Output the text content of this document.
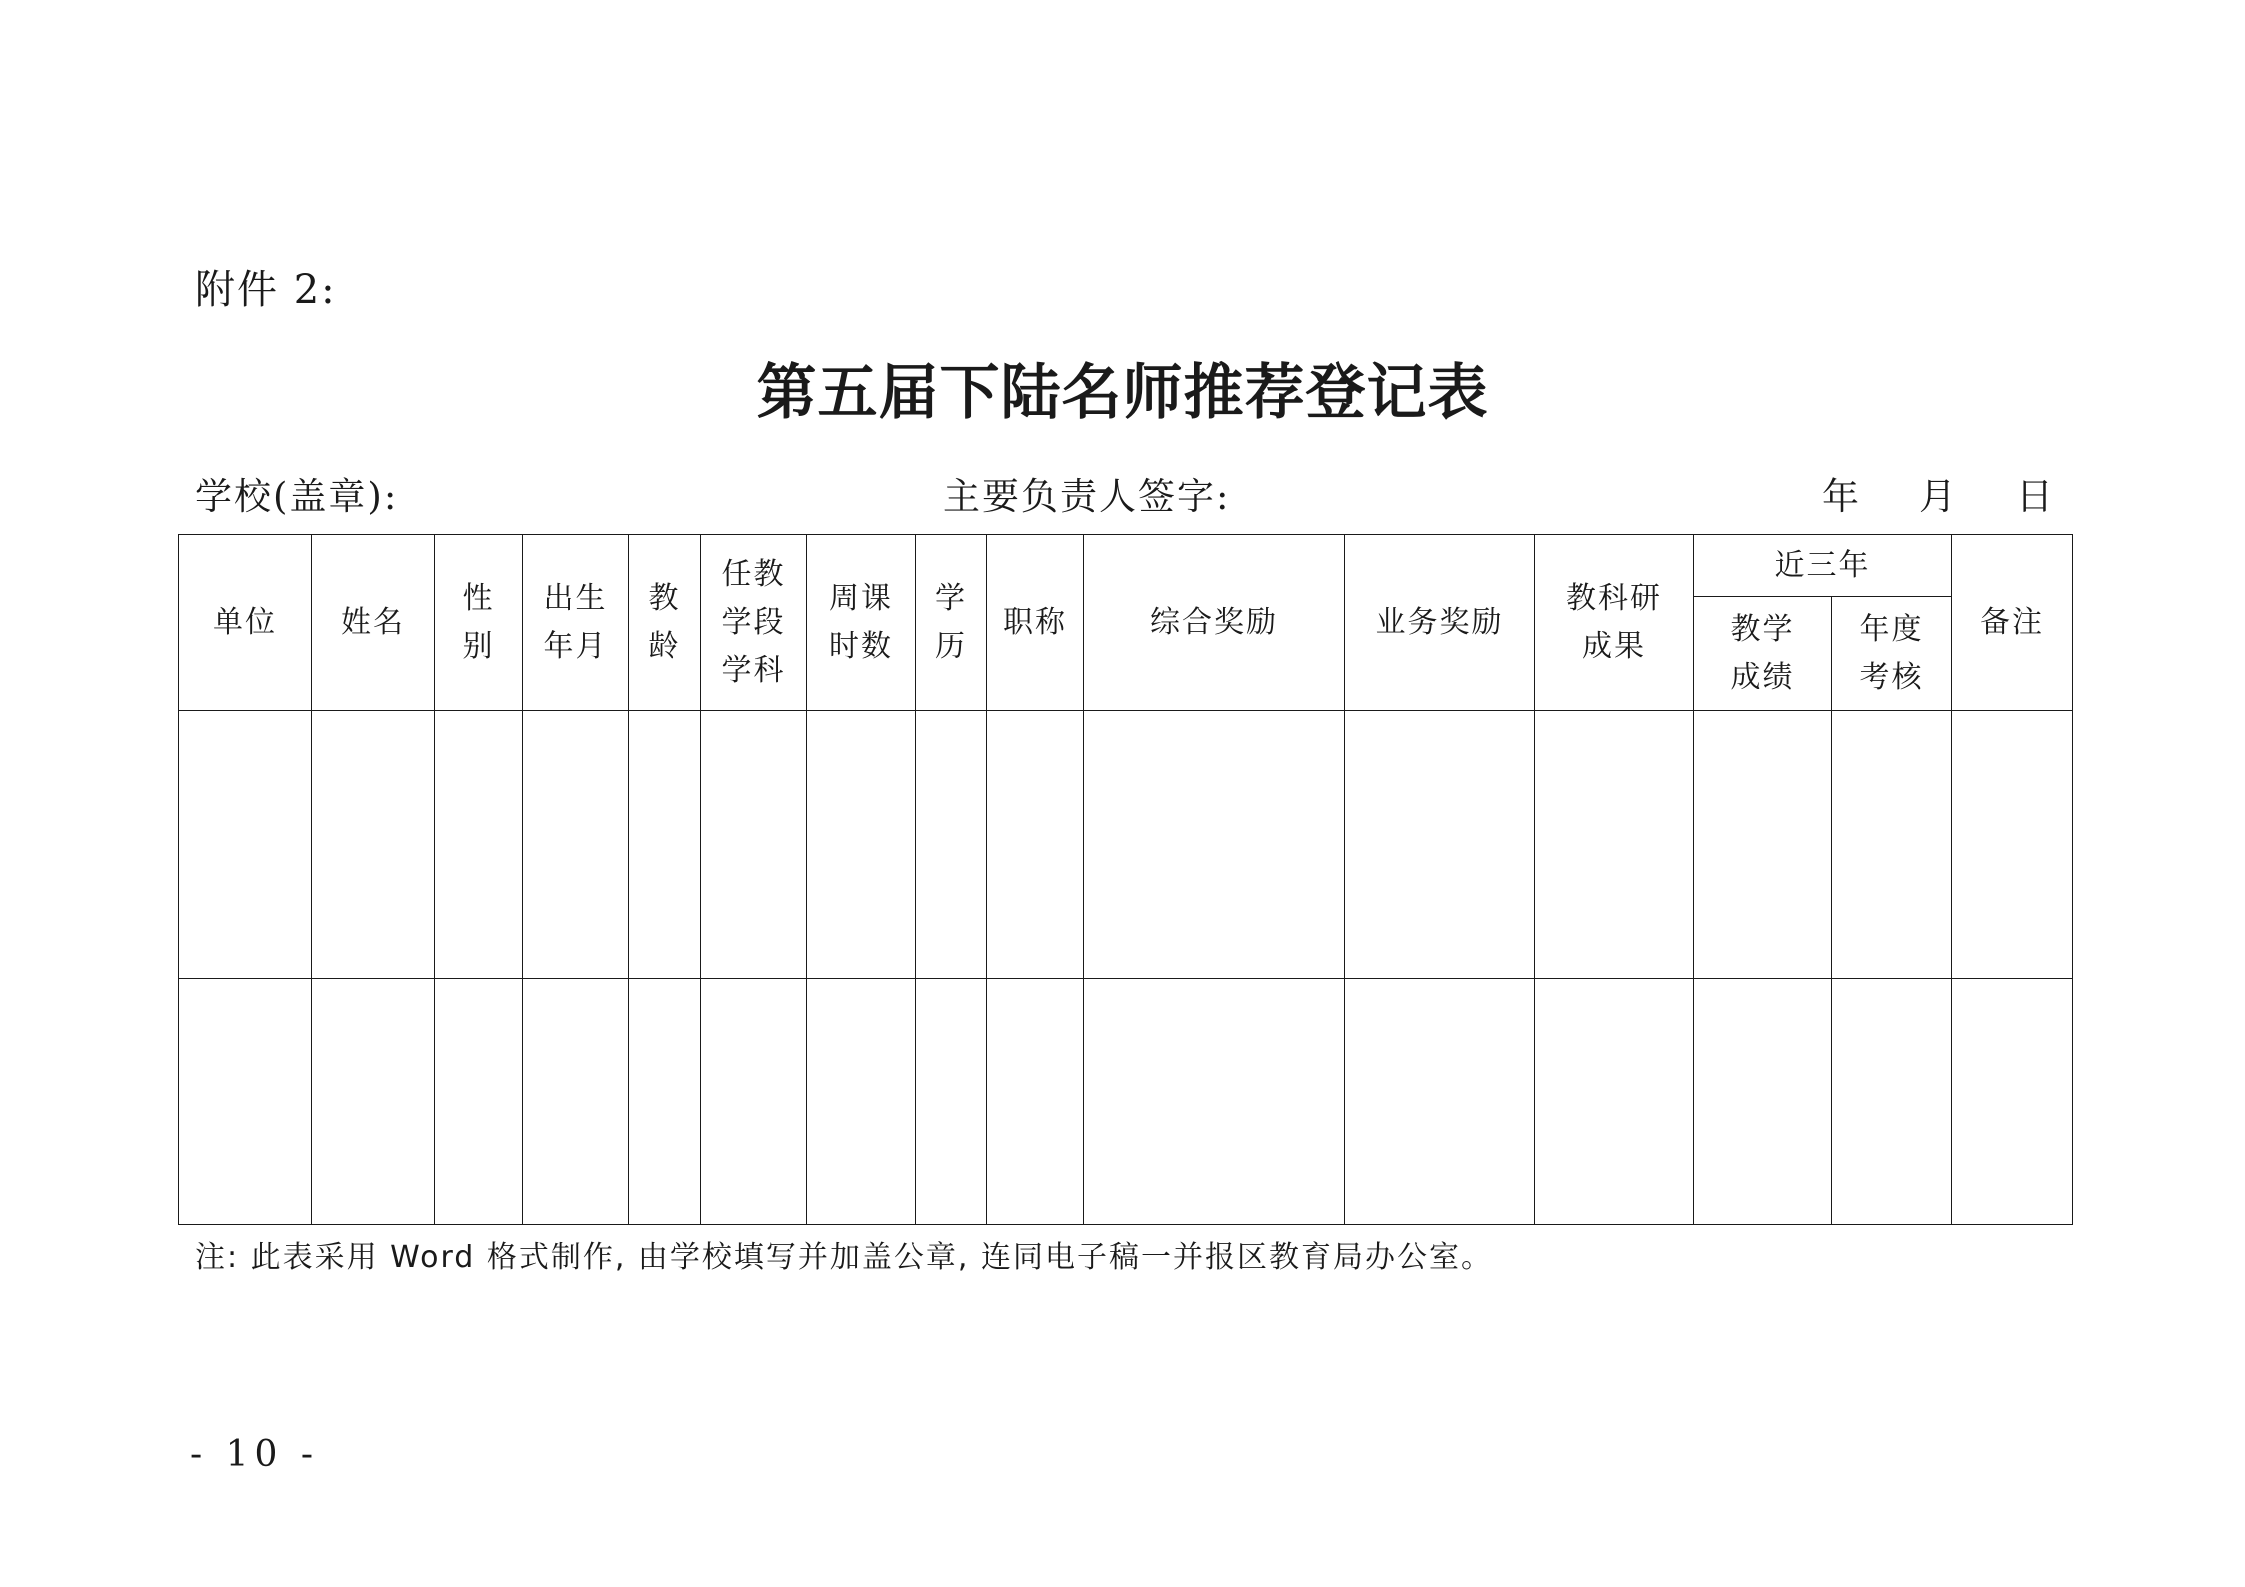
附件 2:
第五届下陆名师推荐登记表
学校(盖章):	主要负责人签字:	年 月 日
单位	姓名	性别	出生年月	教龄	任教学段学科	周课时数	学历	职称	综合奖励	业务奖励	教科研成果	近三年		备注
												教学成绩	年度考核	

注: 此表采用 Word 格式制作, 由学校填写并加盖公章, 连同电子稿一并报区教育局办公室。
- 10 -
